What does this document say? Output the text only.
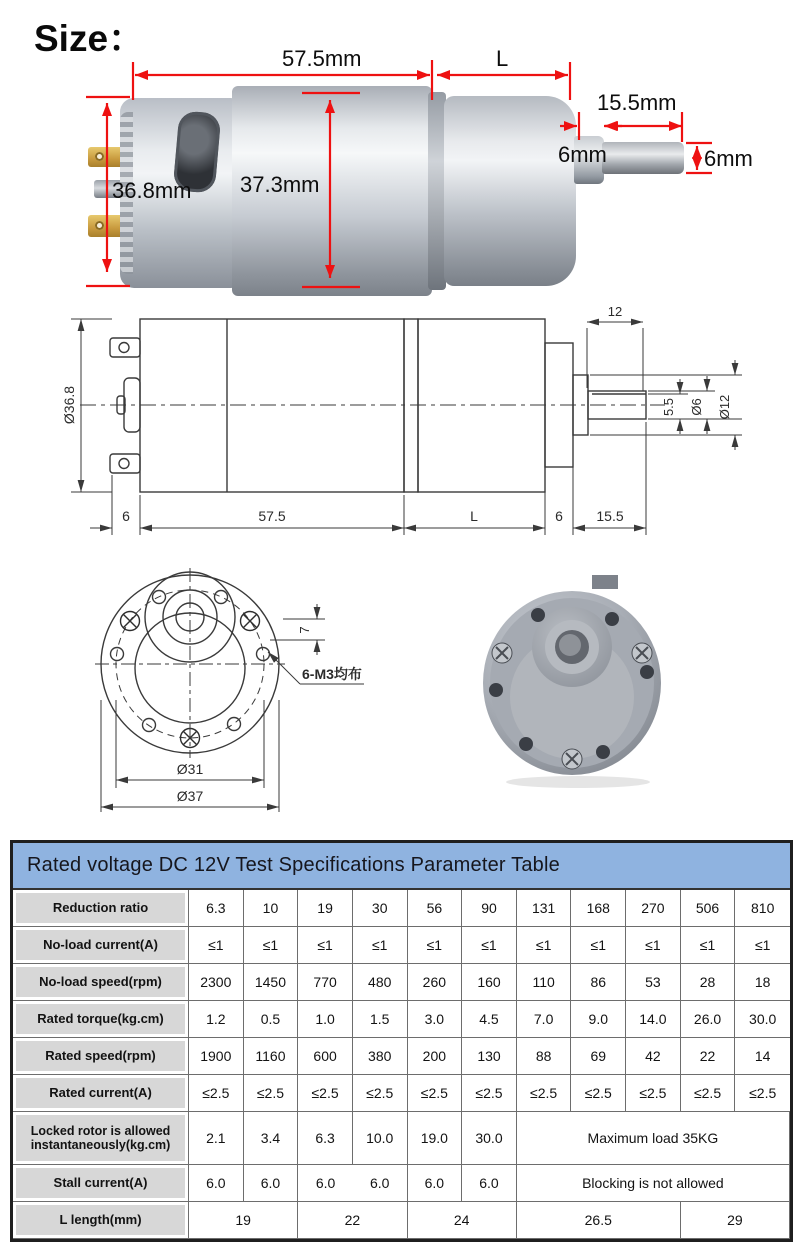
Size：	57.5mm	L
15.5mm
6mm	6mm
37.3mm
36.8mm
Ø36.8
12
5.5 Ø6 Ø12
6	57.5	L	6 15.5
7
6-M3均布
Ø31
Ø37
Rated voltage DC 12V Test Specifications Parameter Table
Reduction ratio	6.3	10	19	30	56	90	131	168	270	506	810
No-load current(A)	≤1	≤1	≤1	≤1	≤1	≤1	≤1	≤1	≤1	≤1	≤1
No-load speed(rpm)	2300	1450	770	480	260	160	110	86	53	28	18
Rated torque(kg.cm)	1.2	0.5	1.0	1.5	3.0	4.5	7.0	9.0	14.0	26.0	30.0
Rated speed(rpm)	1900	1160	600	380	200	130	88	69	42	22	14
Rated current(A)	≤2.5	≤2.5	≤2.5	≤2.5	≤2.5	≤2.5	≤2.5	≤2.5	≤2.5	≤2.5	≤2.5
Locked rotor is allowed instantaneously(kg.cm)	2.1	3.4	6.3	10.0	19.0	30.0	Maximum load 35KG
Stall current(A)	6.0	6.0	6.0	6.0	6.0	6.0	Blocking is not allowed
L length(mm)	19	22	24	26.5	29
